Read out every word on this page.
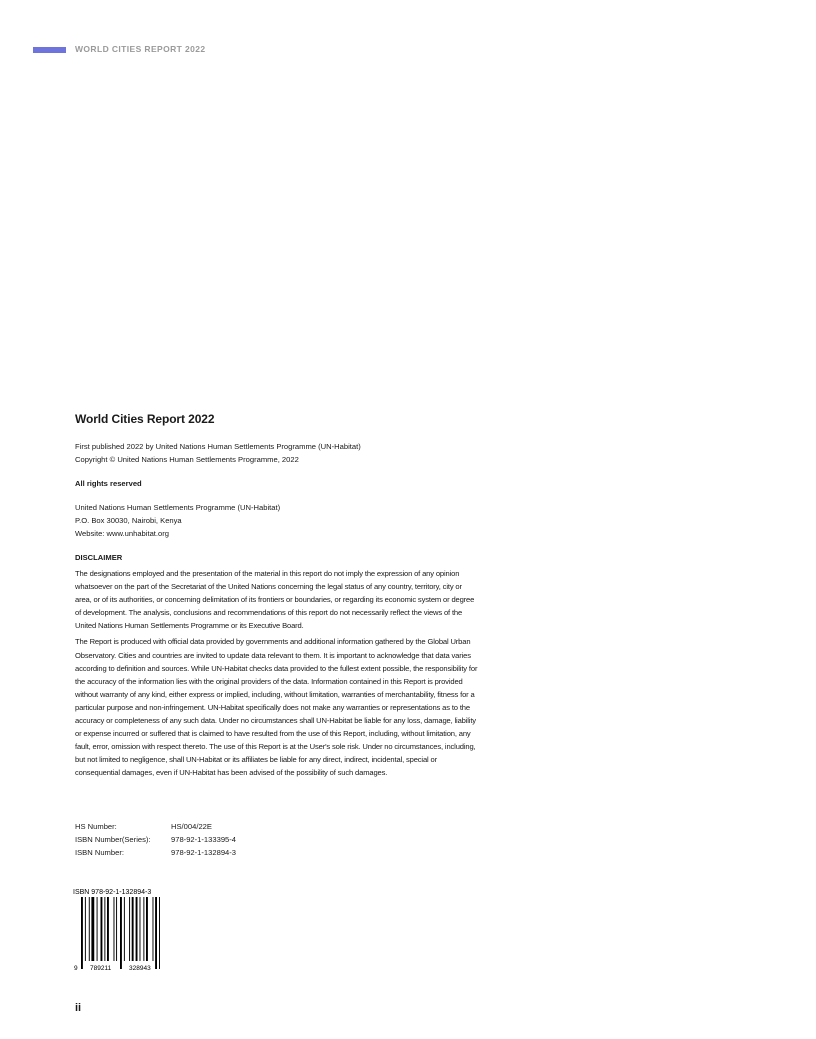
WORLD CITIES REPORT 2022
World Cities Report 2022

First published 2022 by United Nations Human Settlements Programme (UN-Habitat)

Copyright © United Nations Human Settlements Programme, 2022

All rights reserved

United Nations Human Settlements Programme (UN-Habitat)

P.O. Box 30030, Nairobi, Kenya

Website: www.unhabitat.org

DISCLAIMER

The designations employed and the presentation of the material in this report do not imply the expression of any opinion whatsoever on the part of the Secretariat of the United Nations concerning the legal status of any country, territory, city or area, or of its authorities, or concerning delimitation of its frontiers or boundaries, or regarding its economic system or degree of development. The analysis, conclusions and recommendations of this report do not necessarily reflect the views of the United Nations Human Settlements Programme or its Executive Board.

The Report is produced with official data provided by governments and additional information gathered by the Global Urban Observatory. Cities and countries are invited to update data relevant to them. It is important to acknowledge that data varies according to definition and sources. While UN-Habitat checks data provided to the fullest extent possible, the responsibility for the accuracy of the information lies with the original providers of the data. Information contained in this Report is provided without warranty of any kind, either express or implied, including, without limitation, warranties of merchantability, fitness for a particular purpose and non-infringement. UN-Habitat specifically does not make any warranties or representations as to the accuracy or completeness of any such data. Under no circumstances shall UN-Habitat be liable for any loss, damage, liability or expense incurred or suffered that is claimed to have resulted from the use of this Report, including, without limitation, any fault, error, omission with respect thereto. The use of this Report is at the User's sole risk. Under no circumstances, including, but not limited to negligence, shall UN-Habitat or its affiliates be liable for any direct, indirect, incidental, special or consequential damages, even if UN-Habitat has been advised of the possibility of such damages.

HS Number:	HS/004/22E
ISBN Number(Series):	978-92-1-133395-4
ISBN Number:	978-92-1-132894-3
ISBN 978-92-1-132894-3
9 789211	328943
ii
